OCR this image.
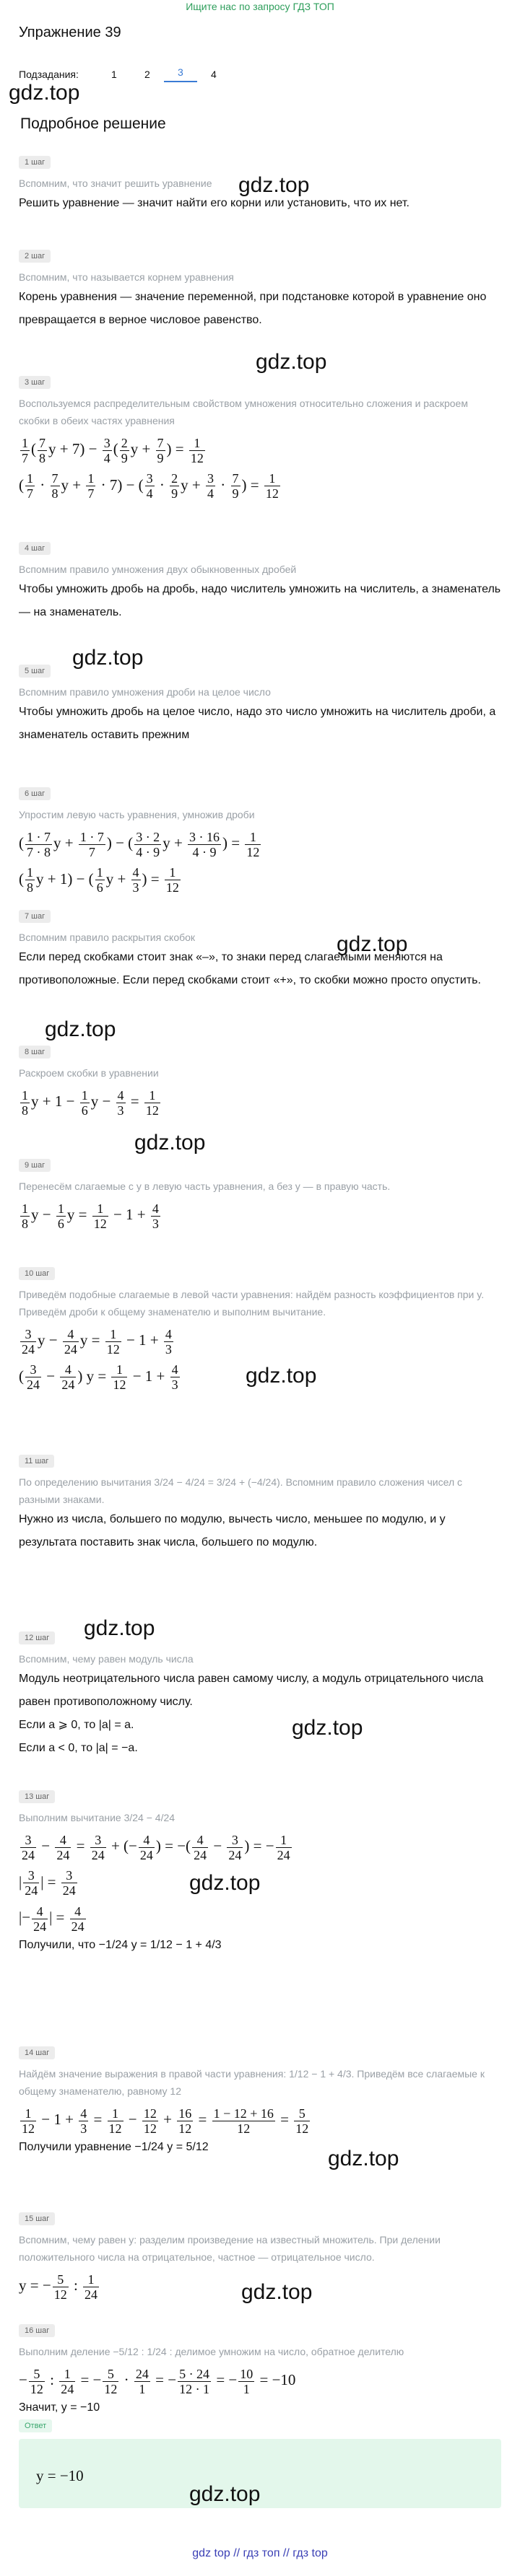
Ищите нас по запросу ГДЗ ТОП
Упражнение 39
Подзадания:	1	2	3	4
gdz.top
Подробное решение
1 шаг
Вспомним, что значит решить уравнение
Решить уравнение — значит найти его корни или установить, что их нет.
gdz.top
2 шаг
Вспомним, что называется корнем уравнения
Корень уравнения — значение переменной, при подстановке которой в уравнение оно превращается в верное числовое равенство.
gdz.top
3 шаг
Воспользуемся распределительным свойством умножения относительно сложения и раскроем скобки в обеих частях уравнения
$\frac{1}{7}$ ( $\frac{7}{8}$ $y + 7) - \frac{3}{4}$ ( $\frac{2}{9}$ $y + \frac{7}{9}$ ) = $\frac{1}{12}$
( $\frac{1}{7} \cdot \frac{7}{8}$ $y + \frac{1}{7} \cdot 7$) − ( $\frac{3}{4} \cdot \frac{2}{9}$ $y + \frac{3}{4} \cdot \frac{7}{9}$ ) = $\frac{1}{12}$
4 шаг
Вспомним правило умножения двух обыкновенных дробей
Чтобы умножить дробь на дробь, надо числитель умножить на числитель, а знаменатель — на знаменатель.
gdz.top
5 шаг
Вспомним правило умножения дроби на целое число
Чтобы умножить дробь на целое число, надо это число умножить на числитель дроби, а знаменатель оставить прежним
6 шаг
Упростим левую часть уравнения, умножив дроби
( $\frac{1 \cdot 7}{7 \cdot 8}$ $y + \frac{1 \cdot 7}{7}$ ) − ( $\frac{3 \cdot 2}{4 \cdot 9}$ $y + \frac{3 \cdot 16}{4 \cdot 9}$ ) = $\frac{1}{12}$
( $\frac{1}{8}$ y + 1) − ( $\frac{1}{6}$ $y + \frac{4}{3}$ ) = $\frac{1}{12}$
gdz.top
7 шаг
Вспомним правило раскрытия скобок
Если перед скобками стоит знак «–», то знаки перед слагаемыми меняются на противоположные. Если перед скобками стоит «+», то скобки можно просто опустить.
gdz.top
8 шаг
Раскроем скобки в уравнении
$\frac{1}{8}$ $y + 1 - \frac{1}{6}$ $y - \frac{4}{3} = \frac{1}{12}$
gdz.top
9 шаг
Перенесём слагаемые с y в левую часть уравнения, а без y — в правую часть.
$\frac{1}{8}$ $y - \frac{1}{6}$ $y = \frac{1}{12} - 1 + \frac{4}{3}$
10 шаг
Приведём подобные слагаемые в левой части уравнения: найдём разность коэффициентов при y. Приведём дроби к общему знаменателю и выполним вычитание.
$\frac{3}{24}$ $y - \frac{4}{24}$ $y = \frac{1}{12} - 1 + \frac{4}{3}$
( $\frac{3}{24} - \frac{4}{24}$ ) $y = \frac{1}{12} - 1 + \frac{4}{3}$	gdz.top
11 шаг
По определению вычитания 3/24 − 4/24 = 3/24 + (−4/24). Вспомним правило сложения чисел с разными знаками.
Нужно из числа, большего по модулю, вычесть число, меньшее по модулю, и у результата поставить знак числа, большего по модулю.
gdz.top
12 шаг
Вспомним, чему равен модуль числа
Модуль неотрицательного числа равен самому числу, а модуль отрицательного числа равен противоположному числу.
Если a ⩾ 0, то |a| = a.
Если a < 0, то |a| = −a.
gdz.top
13 шаг
Выполним вычитание 3/24 − 4/24
$\frac{3}{24} - \frac{4}{24} = \frac{3}{24}$ + (− $\frac{4}{24}$ ) = −( $\frac{4}{24} - \frac{3}{24}$ ) = − $\frac{1}{24}$
| $\frac{3}{24}$ | = $\frac{3}{24}$
|− $\frac{4}{24}$ | = $\frac{4}{24}$
Получили, что −1/24 y = 1/12 − 1 + 4/3
gdz.top
14 шаг
Найдём значение выражения в правой части уравнения: 1/12 − 1 + 4/3. Приведём все слагаемые к общему знаменателю, равному 12
$\frac{1}{12} - 1 + \frac{4}{3} = \frac{1}{12} - \frac{12}{12} + \frac{16}{12} = \frac{1 - 12 + 16}{12} = \frac{5}{12}$
Получили уравнение −1/24 y = 5/12	gdz.top
15 шаг
Вспомним, чему равен y: разделим произведение на известный множитель. При делении положительного числа на отрицательное, частное — отрицательное число.
y = − $\frac{5}{12}$ : $\frac{1}{24}$	gdz.top
16 шаг
Выполним деление −5/12 : 1/24 : делимое умножим на число, обратное делителю
− $\frac{5}{12}$ : $\frac{1}{24}$ = − $\frac{5}{12} \cdot \frac{24}{1}$ = − $\frac{5 \cdot 24}{12 \cdot 1}$ = − $\frac{10}{1} = -10$
Значит, y = −10
Ответ
y = −10
gdz.top
gdz top // гдз топ // гдз top
